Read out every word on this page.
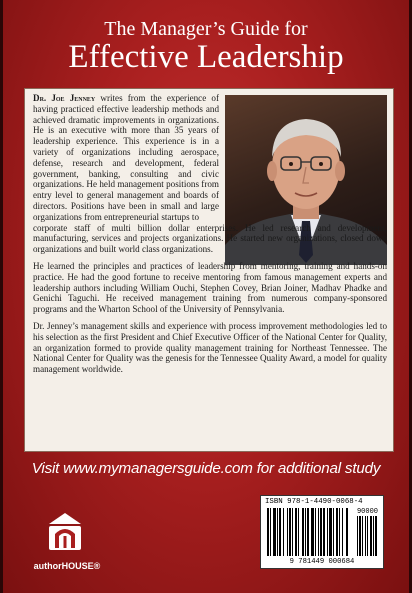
The Manager’s Guide for
Effective Leadership

Dr. Joe Jenney writes from the experience of having practiced effective leadership methods and achieved dramatic improvements in organizations. He is an executive with more than 35 years of leadership experience. This experience is in a variety of organizations including aerospace, defense, research and development, federal government, banking, consulting and civic organizations. He held management positions from entry level to general management and boards of directors. Positions have been in small and large organizations from entrepreneurial startups to

corporate staff of multi billion dollar enterprises. He led research and development, manufacturing, services and projects organizations. He started new organizations, closed down organizations and built world class organizations.

He learned the principles and practices of leadership from mentoring, training and hands-on practice. He had the good fortune to receive mentoring from famous management experts and leadership authors including William Ouchi, Stephen Covey, Brian Joiner, Madhav Phadke and Genichi Taguchi. He received management training from numerous company-sponsored programs and the Wharton School of the University of Pennsylvania.

Dr. Jenney’s management skills and experience with process improvement methodologies led to his selection as the first President and Chief Executive Officer of the National Center for Quality, an organization formed to provide quality management training for Northeast Tennessee. The National Center for Quality was the genesis for the Tennessee Quality Award, a model for quality management worldwide.

Visit www.mymanagersguide.com for additional study
authorHOUSE®
ISBN 978-1-4490-0068-4
90000
9 781449 000684
